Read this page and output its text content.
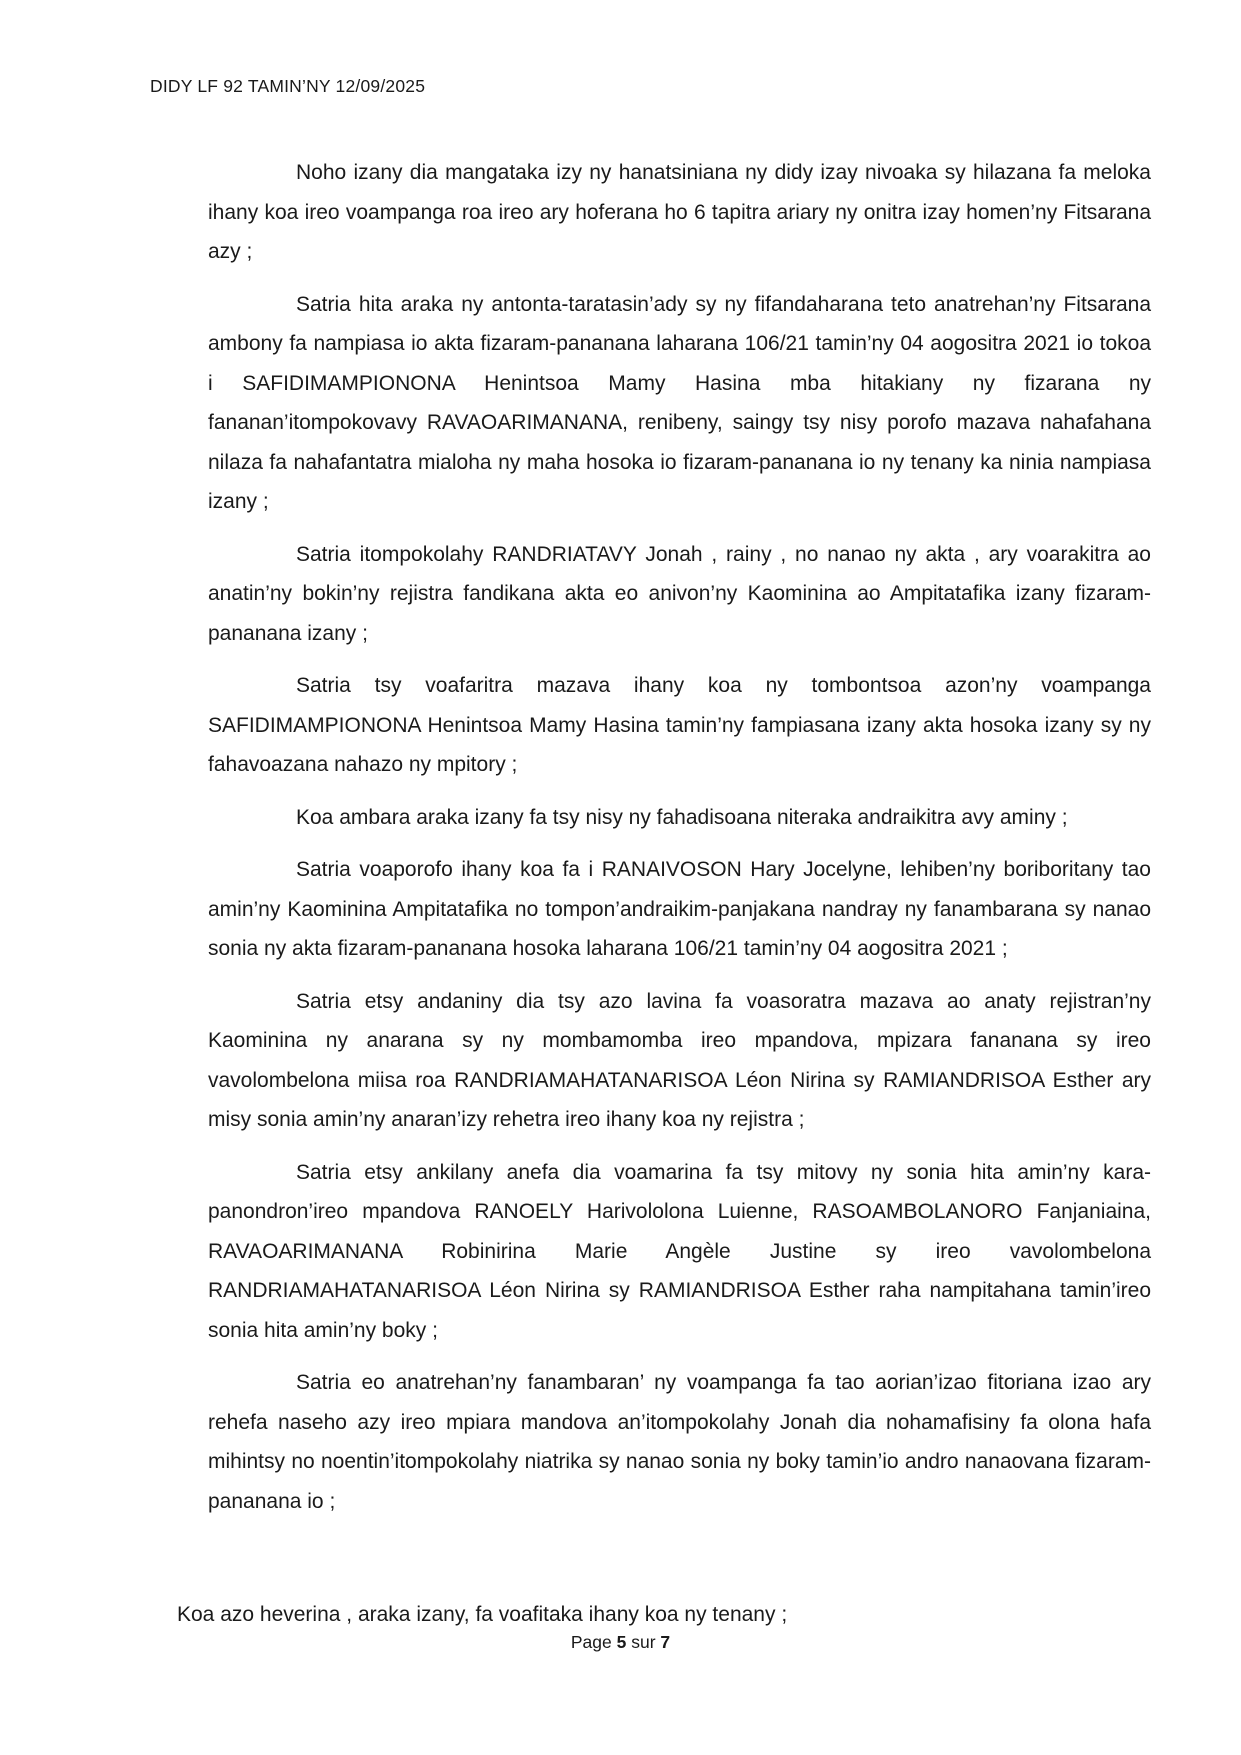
DIDY LF 92 TAMIN’NY 12/09/2025

Noho izany dia mangataka izy ny hanatsiniana ny didy izay nivoaka sy hilazana fa meloka ihany koa ireo voampanga roa ireo ary hoferana ho 6 tapitra ariary ny onitra izay homen’ny Fitsarana azy ;

Satria hita araka ny antonta-taratasin’ady sy ny fifandaharana teto anatrehan’ny Fitsarana ambony fa nampiasa io akta fizaram-pananana laharana 106/21 tamin’ny 04 aogositra 2021 io tokoa i SAFIDIMAMPIONONA Henintsoa Mamy Hasina mba hitakiany ny fizarana ny fananan’itompokovavy RAVAOARIMANANA, renibeny, saingy tsy nisy porofo mazava nahafahana nilaza fa nahafantatra mialoha ny maha hosoka io fizaram-pananana io ny tenany ka ninia nampiasa izany ;

Satria itompokolahy RANDRIATAVY Jonah , rainy , no nanao ny akta , ary voarakitra ao anatin’ny bokin’ny rejistra fandikana akta eo anivon’ny Kaominina ao Ampitatafika izany fizaram-pananana izany ;

Satria tsy voafaritra mazava ihany koa ny tombontsoa azon’ny voampanga SAFIDIMAMPIONONA Henintsoa Mamy Hasina tamin’ny fampiasana izany akta hosoka izany sy ny fahavoazana nahazo ny mpitory ;

Koa ambara araka izany fa tsy nisy ny fahadisoana niteraka andraikitra avy aminy ;

Satria voaporofo ihany koa fa i RANAIVOSON Hary Jocelyne, lehiben’ny boriboritany tao amin’ny Kaominina Ampitatafika no tompon’andraikim-panjakana nandray ny fanambarana sy nanao sonia ny akta fizaram-pananana hosoka laharana 106/21 tamin’ny 04 aogositra 2021 ;

Satria etsy andaniny dia tsy azo lavina fa voasoratra mazava ao anaty rejistran’ny Kaominina ny anarana sy ny mombamomba ireo mpandova, mpizara fananana sy ireo vavolombelona miisa roa RANDRIAMAHATANARISOA Léon Nirina sy RAMIANDRISOA Esther ary misy sonia amin’ny anaran’izy rehetra ireo ihany koa ny rejistra ;

Satria etsy ankilany anefa dia voamarina fa tsy mitovy ny sonia hita amin’ny kara-panondron’ireo mpandova RANOELY Harivololona Luienne, RASOAMBOLANORO Fanjaniaina, RAVAOARIMANANA Robinirina Marie Angèle Justine sy ireo vavolombelona RANDRIAMAHATANARISOA Léon Nirina sy RAMIANDRISOA Esther raha nampitahana tamin’ireo sonia hita amin’ny boky ;

Satria eo anatrehan’ny fanambaran’ ny voampanga fa tao aorian’izao fitoriana izao ary rehefa naseho azy ireo mpiara mandova an’itompokolahy Jonah dia nohamafisiny fa olona hafa mihintsy no noentin’itompokolahy niatrika sy nanao sonia ny boky tamin’io andro nanaovana fizaram-pananana io ;

Koa azo heverina , araka izany, fa voafitaka ihany koa ny tenany ;
Page 5 sur 7
